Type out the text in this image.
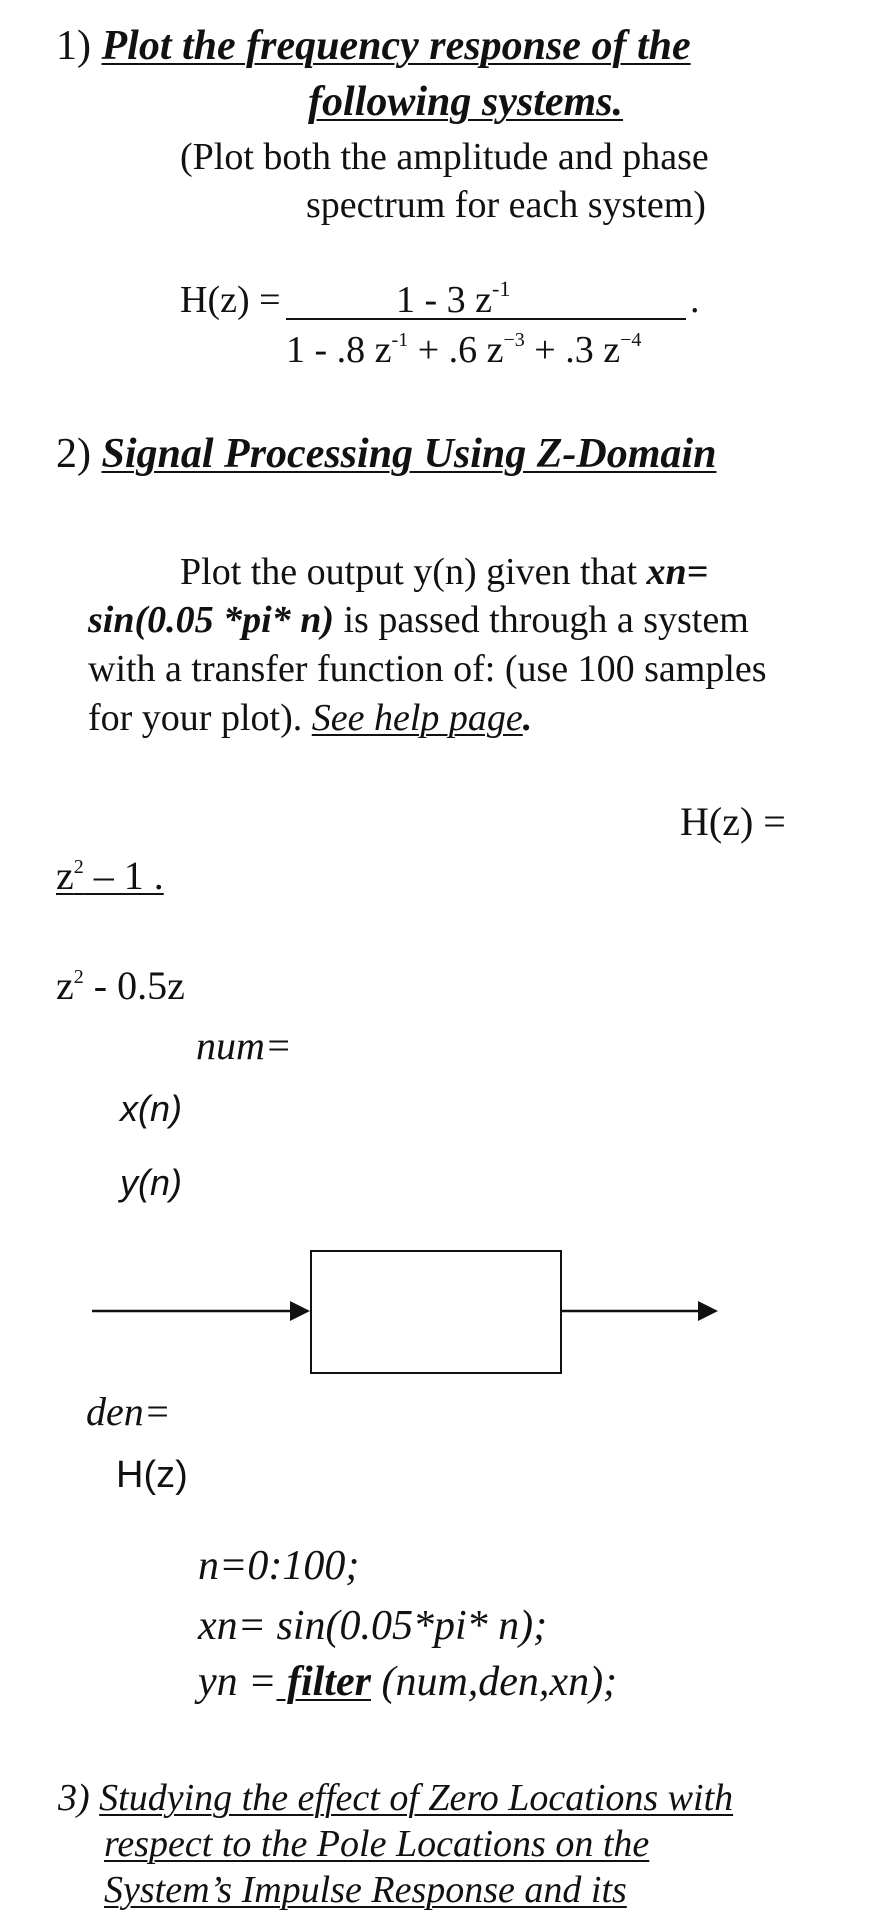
1) Plot the frequency response of the
following systems.
(Plot both the amplitude and phase
spectrum for each system)
H(z) =	1 - 3 $z^{-1}$	.
1 - .8 $z^{-1} + .6$ $z^{-3} + .3$ $z^{-4}$
2) Signal Processing Using Z-Domain
Plot the output y(n) given that xn=
sin(0.05 *pi* n) is passed through a system
with a transfer function of: (use 100 samples
for your plot). See help page.
H(z) =
$z^2 - 1$ .
$z^2 - 0.5z$
num=
x(n)
y(n)
den=
H(z)
n=0:100;
xn= sin(0.05*pi* n);
yn = filter (num,den,xn);
3) Studying the effect of Zero Locations with
respect to the Pole Locations on the
System’s Impulse Response and its
